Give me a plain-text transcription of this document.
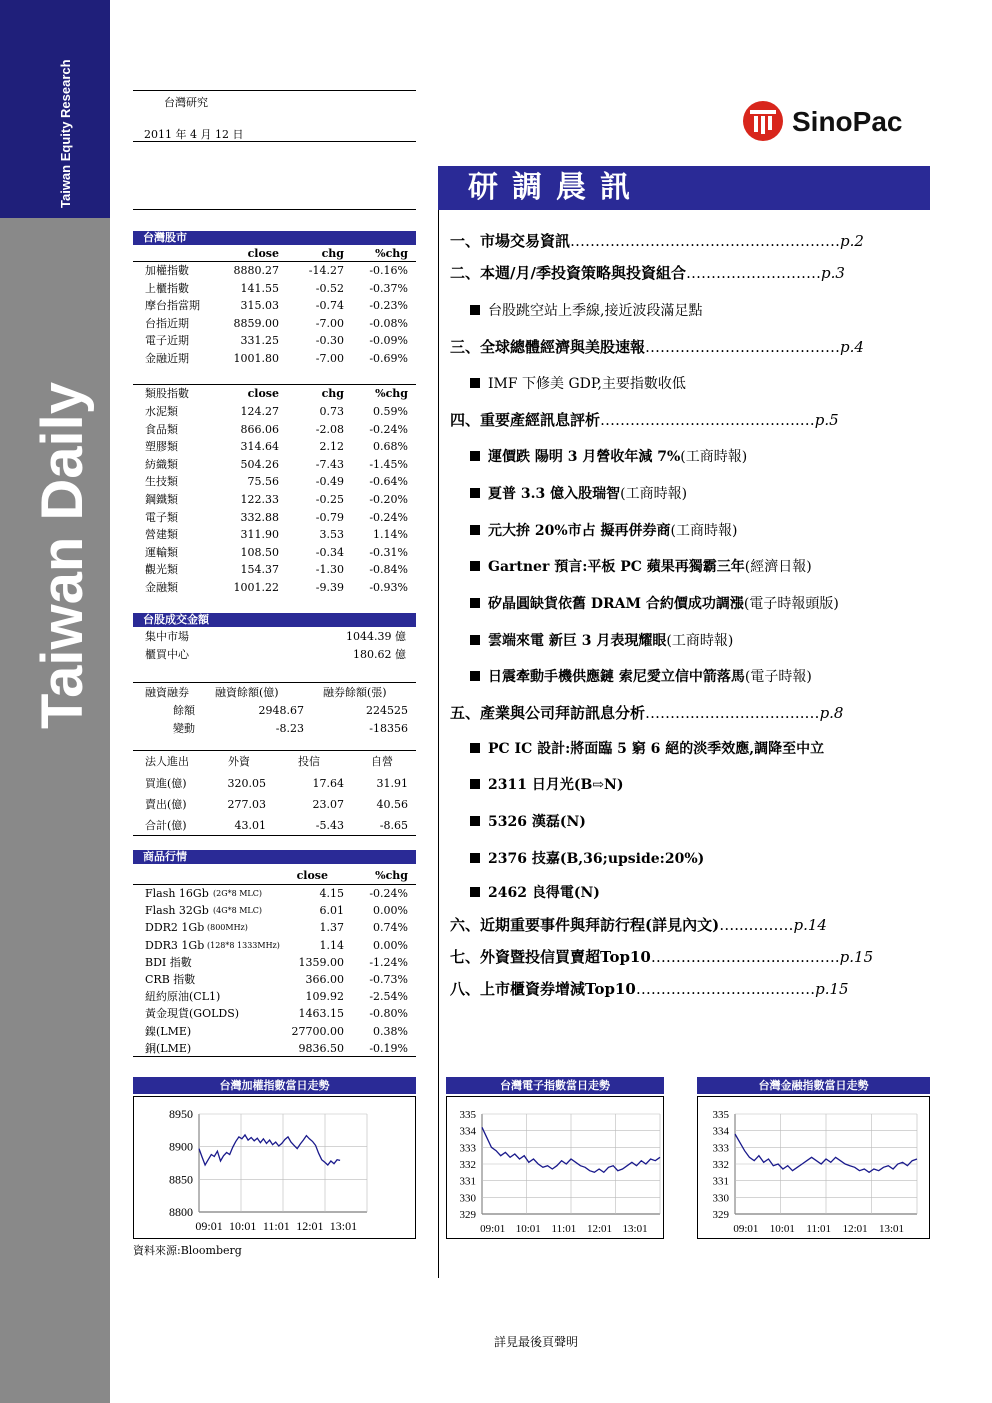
Taiwan Equity Research
Taiwan Daily
台灣研究
2011 年 4 月 12 日	SinoPac
研調晨訊
台灣股市
close	chg	%chg
加權指數	8880.27	-14.27 -0.16%
上櫃指數	141.55	-0.52 -0.37%
摩台指當期	315.03	-0.74 -0.23%
台指近期	8859.00	-7.00 -0.08%
電子近期	331.25	-0.30 -0.09%
金融近期	1001.80	-7.00 -0.69%
類股指數	close	chg	%chg
水泥類	124.27	0.73	0.59%
食品類	866.06	-2.08 -0.24%
塑膠類	314.64	2.12	0.68%
紡織類	504.26	-7.43 -1.45%
生技類	75.56	-0.49 -0.64%
鋼鐵類	122.33	-0.25 -0.20%
電子類	332.88	-0.79 -0.24%
營建類	311.90	3.53	1.14%
運輸類	108.50	-0.34 -0.31%
觀光類	154.37	-1.30 -0.84%
金融類	1001.22	-9.39 -0.93%
台股成交金額
集中市場	1044.39 億
櫃買中心	180.62 億
融資融券 融資餘額(億)	融券餘額(張)
餘額	2948.67	224525
變動	-8.23	-18356
法人進出	外資	投信	自營
買進(億)	320.05	17.64	31.91
賣出(億)	277.03	23.07	40.56
合計(億)	43.01	-5.43	-8.65
商品行情
close	%chg
Flash 16Gb (2G*8 MLC)	4.15 -0.24%
Flash 32Gb (4G*8 MLC)	6.01	0.00%
DDR2 1Gb (800MHz)	1.37	0.74%
DDR3 1Gb (128*8 1333MHz)	1.14	0.00%
BDI 指數	1359.00 -1.24%
CRB 指數	366.00 -0.73%
紐約原油(CL1)	109.92 -2.54%
黃金現貨(GOLDS)	1463.15 -0.80%
鎳(LME)	27700.00	0.38%
銅(LME)	9836.50 -0.19%
一、市場交易資訊………………………………………………p.2
台股跳空站上季線,接近波段滿足點
二、本週/月/季投資策略與投資組合………………………p.3
三、全球總體經濟與美股速報…………………………………p.4
IMF 下修美 GDP,主要指數收低
四、重要產經訊息評析………………………………….…p.5
運價跌 陽明 3 月營收年減 7%(工商時報)
夏普 3.3 億入股瑞智(工商時報)
元大拚 20%市占 擬再併券商(工商時報)
Gartner 預言:平板 PC 蘋果再獨霸三年(經濟日報)
矽晶圓缺貨依舊 DRAM 合約價成功調漲(電子時報頭版)
雲端來電 新巨 3 月表現耀眼(工商時報)
日震牽動手機供應鏈 索尼愛立信中箭落馬(電子時報)
五、產業與公司拜訪訊息分析……….………………….…p.8
PC IC 設計:將面臨 5 窮 6 絕的淡季效應,調降至中立
2311 日月光(B⇨N)
5326 漢磊(N)
2376 技嘉(B,36;upside:20%)
2462 良得電(N)
六、近期重要事件與拜訪行程(詳見內文)…...………p.14
七、外資暨投信買賣超Top10……………………..…..…….p.15
八、上市櫃資券增減Top10……………………...………p.15
台灣加權指數當日走勢	台灣電子指數當日走勢	台灣金融指數當日走勢
8950
8900
8850
8800
09:01 10:01 11:01 12:01 13:01
335
334
333
332
331
330
329
09:01 10:01 11:01 12:01 13:01
335
334
333
332
331
330
329
09:01 10:01 11:01 12:01 13:01
資料來源:Bloomberg
詳見最後頁聲明
